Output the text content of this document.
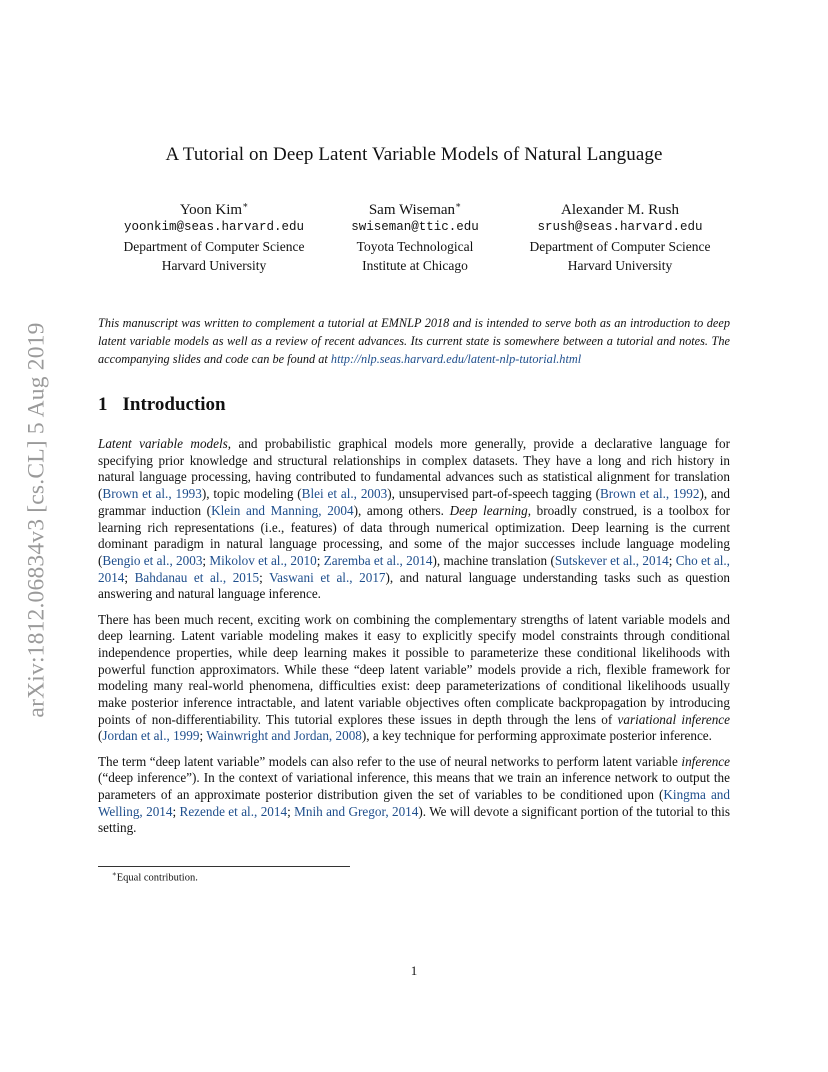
arXiv:1812.06834v3 [cs.CL] 5 Aug 2019
A Tutorial on Deep Latent Variable Models of Natural Language
Yoon Kim∗
yoonkim@seas.harvard.edu
Department of Computer Science
Harvard University
Sam Wiseman∗
swiseman@ttic.edu
Toyota Technological
Institute at Chicago
Alexander M. Rush
srush@seas.harvard.edu
Department of Computer Science
Harvard University
This manuscript was written to complement a tutorial at EMNLP 2018 and is intended to serve both as an introduction to deep latent variable models as well as a review of recent advances. Its current state is somewhere between a tutorial and notes. The accompanying slides and code can be found at http://nlp.seas.harvard.edu/latent-nlp-tutorial.html
1 Introduction

Latent variable models, and probabilistic graphical models more generally, provide a declarative language for specifying prior knowledge and structural relationships in complex datasets. They have a long and rich history in natural language processing, having contributed to fundamental advances such as statistical alignment for translation (Brown et al., 1993), topic modeling (Blei et al., 2003), unsupervised part-of-speech tagging (Brown et al., 1992), and grammar induction (Klein and Manning, 2004), among others. Deep learning, broadly construed, is a toolbox for learning rich representations (i.e., features) of data through numerical optimization. Deep learning is the current dominant paradigm in natural language processing, and some of the major successes include language modeling (Bengio et al., 2003; Mikolov et al., 2010; Zaremba et al., 2014), machine translation (Sutskever et al., 2014; Cho et al., 2014; Bahdanau et al., 2015; Vaswani et al., 2017), and natural language understanding tasks such as question answering and natural language inference.

There has been much recent, exciting work on combining the complementary strengths of latent variable models and deep learning. Latent variable modeling makes it easy to explicitly specify model constraints through conditional independence properties, while deep learning makes it possible to parameterize these conditional likelihoods with powerful function approximators. While these “deep latent variable” models provide a rich, flexible framework for modeling many real-world phenomena, difficulties exist: deep parameterizations of conditional likelihoods usually make posterior inference intractable, and latent variable objectives often complicate backpropagation by introducing points of non-differentiability. This tutorial explores these issues in depth through the lens of variational inference (Jordan et al., 1999; Wainwright and Jordan, 2008), a key technique for performing approximate posterior inference.

The term “deep latent variable” models can also refer to the use of neural networks to perform latent variable inference (“deep inference”). In the context of variational inference, this means that we train an inference network to output the parameters of an approximate posterior distribution given the set of variables to be conditioned upon (Kingma and Welling, 2014; Rezende et al., 2014; Mnih and Gregor, 2014). We will devote a significant portion of the tutorial to this setting.

∗Equal contribution.
1
